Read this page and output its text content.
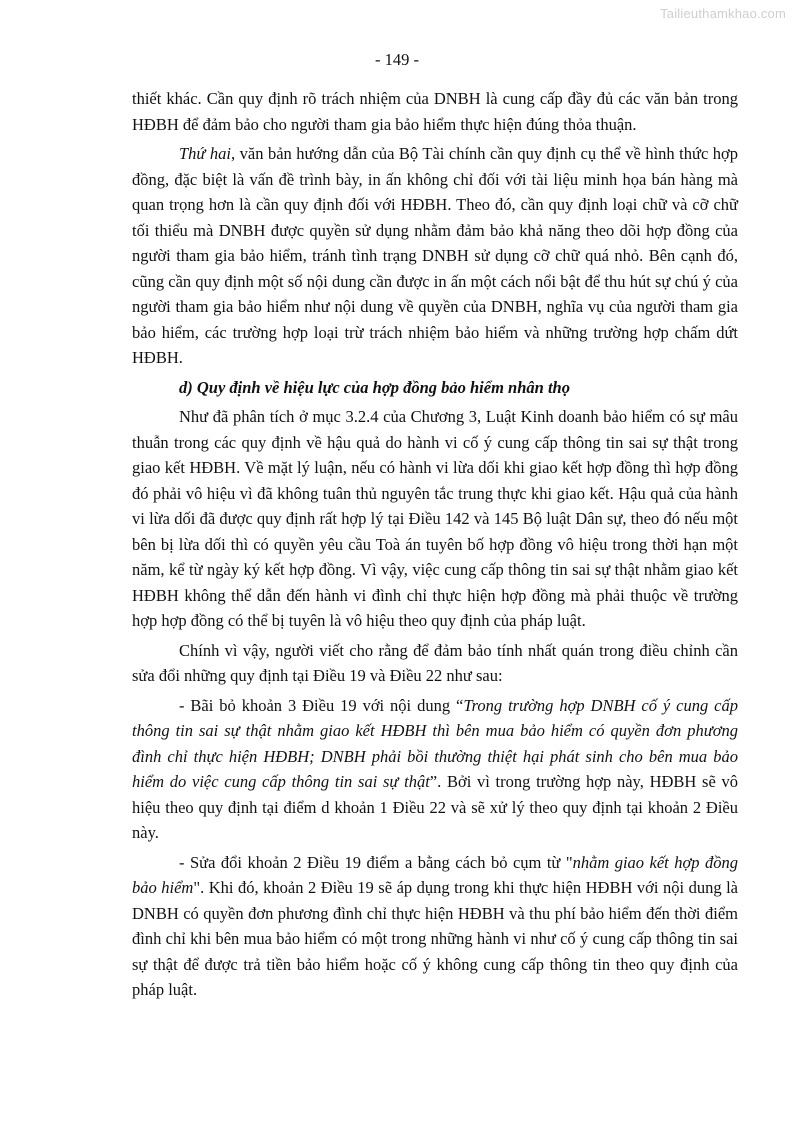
Tailieuthamkhao.com
- 149 -

thiết khác. Cần quy định rõ trách nhiệm của DNBH là cung cấp đầy đủ các văn bản trong HĐBH để đảm bảo cho người tham gia bảo hiểm thực hiện đúng thỏa thuận.

Thứ hai, văn bản hướng dẫn của Bộ Tài chính cần quy định cụ thể về hình thức hợp đồng, đặc biệt là vấn đề trình bày, in ấn không chỉ đối với tài liệu minh họa bán hàng mà quan trọng hơn là cần quy định đối với HĐBH. Theo đó, cần quy định loại chữ và cỡ chữ tối thiểu mà DNBH được quyền sử dụng nhằm đảm bảo khả năng theo dõi hợp đồng của người tham gia bảo hiểm, tránh tình trạng DNBH sử dụng cỡ chữ quá nhỏ. Bên cạnh đó, cũng cần quy định một số nội dung cần được in ấn một cách nổi bật để thu hút sự chú ý của người tham gia bảo hiểm như nội dung về quyền của DNBH, nghĩa vụ của người tham gia bảo hiểm, các trường hợp loại trừ trách nhiệm bảo hiểm và những trường hợp chấm dứt HĐBH.

d) Quy định về hiệu lực của hợp đồng bảo hiểm nhân thọ

Như đã phân tích ở mục 3.2.4 của Chương 3, Luật Kinh doanh bảo hiểm có sự mâu thuẫn trong các quy định về hậu quả do hành vi cố ý cung cấp thông tin sai sự thật trong giao kết HĐBH. Về mặt lý luận, nếu có hành vi lừa dối khi giao kết hợp đồng thì hợp đồng đó phải vô hiệu vì đã không tuân thủ nguyên tắc trung thực khi giao kết. Hậu quả của hành vi lừa dối đã được quy định rất hợp lý tại Điều 142 và 145 Bộ luật Dân sự, theo đó nếu một bên bị lừa dối thì có quyền yêu cầu Toà án tuyên bố hợp đồng vô hiệu trong thời hạn một năm, kể từ ngày ký kết hợp đồng. Vì vậy, việc cung cấp thông tin sai sự thật nhằm giao kết HĐBH không thể dẫn đến hành vi đình chỉ thực hiện hợp đồng mà phải thuộc về trường hợp hợp đồng có thể bị tuyên là vô hiệu theo quy định của pháp luật.

Chính vì vậy, người viết cho rằng để đảm bảo tính nhất quán trong điều chỉnh cần sửa đổi những quy định tại Điều 19 và Điều 22 như sau:

- Bãi bỏ khoản 3 Điều 19 với nội dung “Trong trường hợp DNBH cố ý cung cấp thông tin sai sự thật nhằm giao kết HĐBH thì bên mua bảo hiểm có quyền đơn phương đình chỉ thực hiện HĐBH; DNBH phải bồi thường thiệt hại phát sinh cho bên mua bảo hiểm do việc cung cấp thông tin sai sự thật”. Bởi vì trong trường hợp này, HĐBH sẽ vô hiệu theo quy định tại điểm d khoản 1 Điều 22 và sẽ xử lý theo quy định tại khoản 2 Điều này.

- Sửa đổi khoản 2 Điều 19 điểm a bằng cách bỏ cụm từ "nhằm giao kết hợp đồng bảo hiểm". Khi đó, khoản 2 Điều 19 sẽ áp dụng trong khi thực hiện HĐBH với nội dung là DNBH có quyền đơn phương đình chỉ thực hiện HĐBH và thu phí bảo hiểm đến thời điểm đình chỉ khi bên mua bảo hiểm có một trong những hành vi như cố ý cung cấp thông tin sai sự thật để được trả tiền bảo hiểm hoặc cố ý không cung cấp thông tin theo quy định của pháp luật.
